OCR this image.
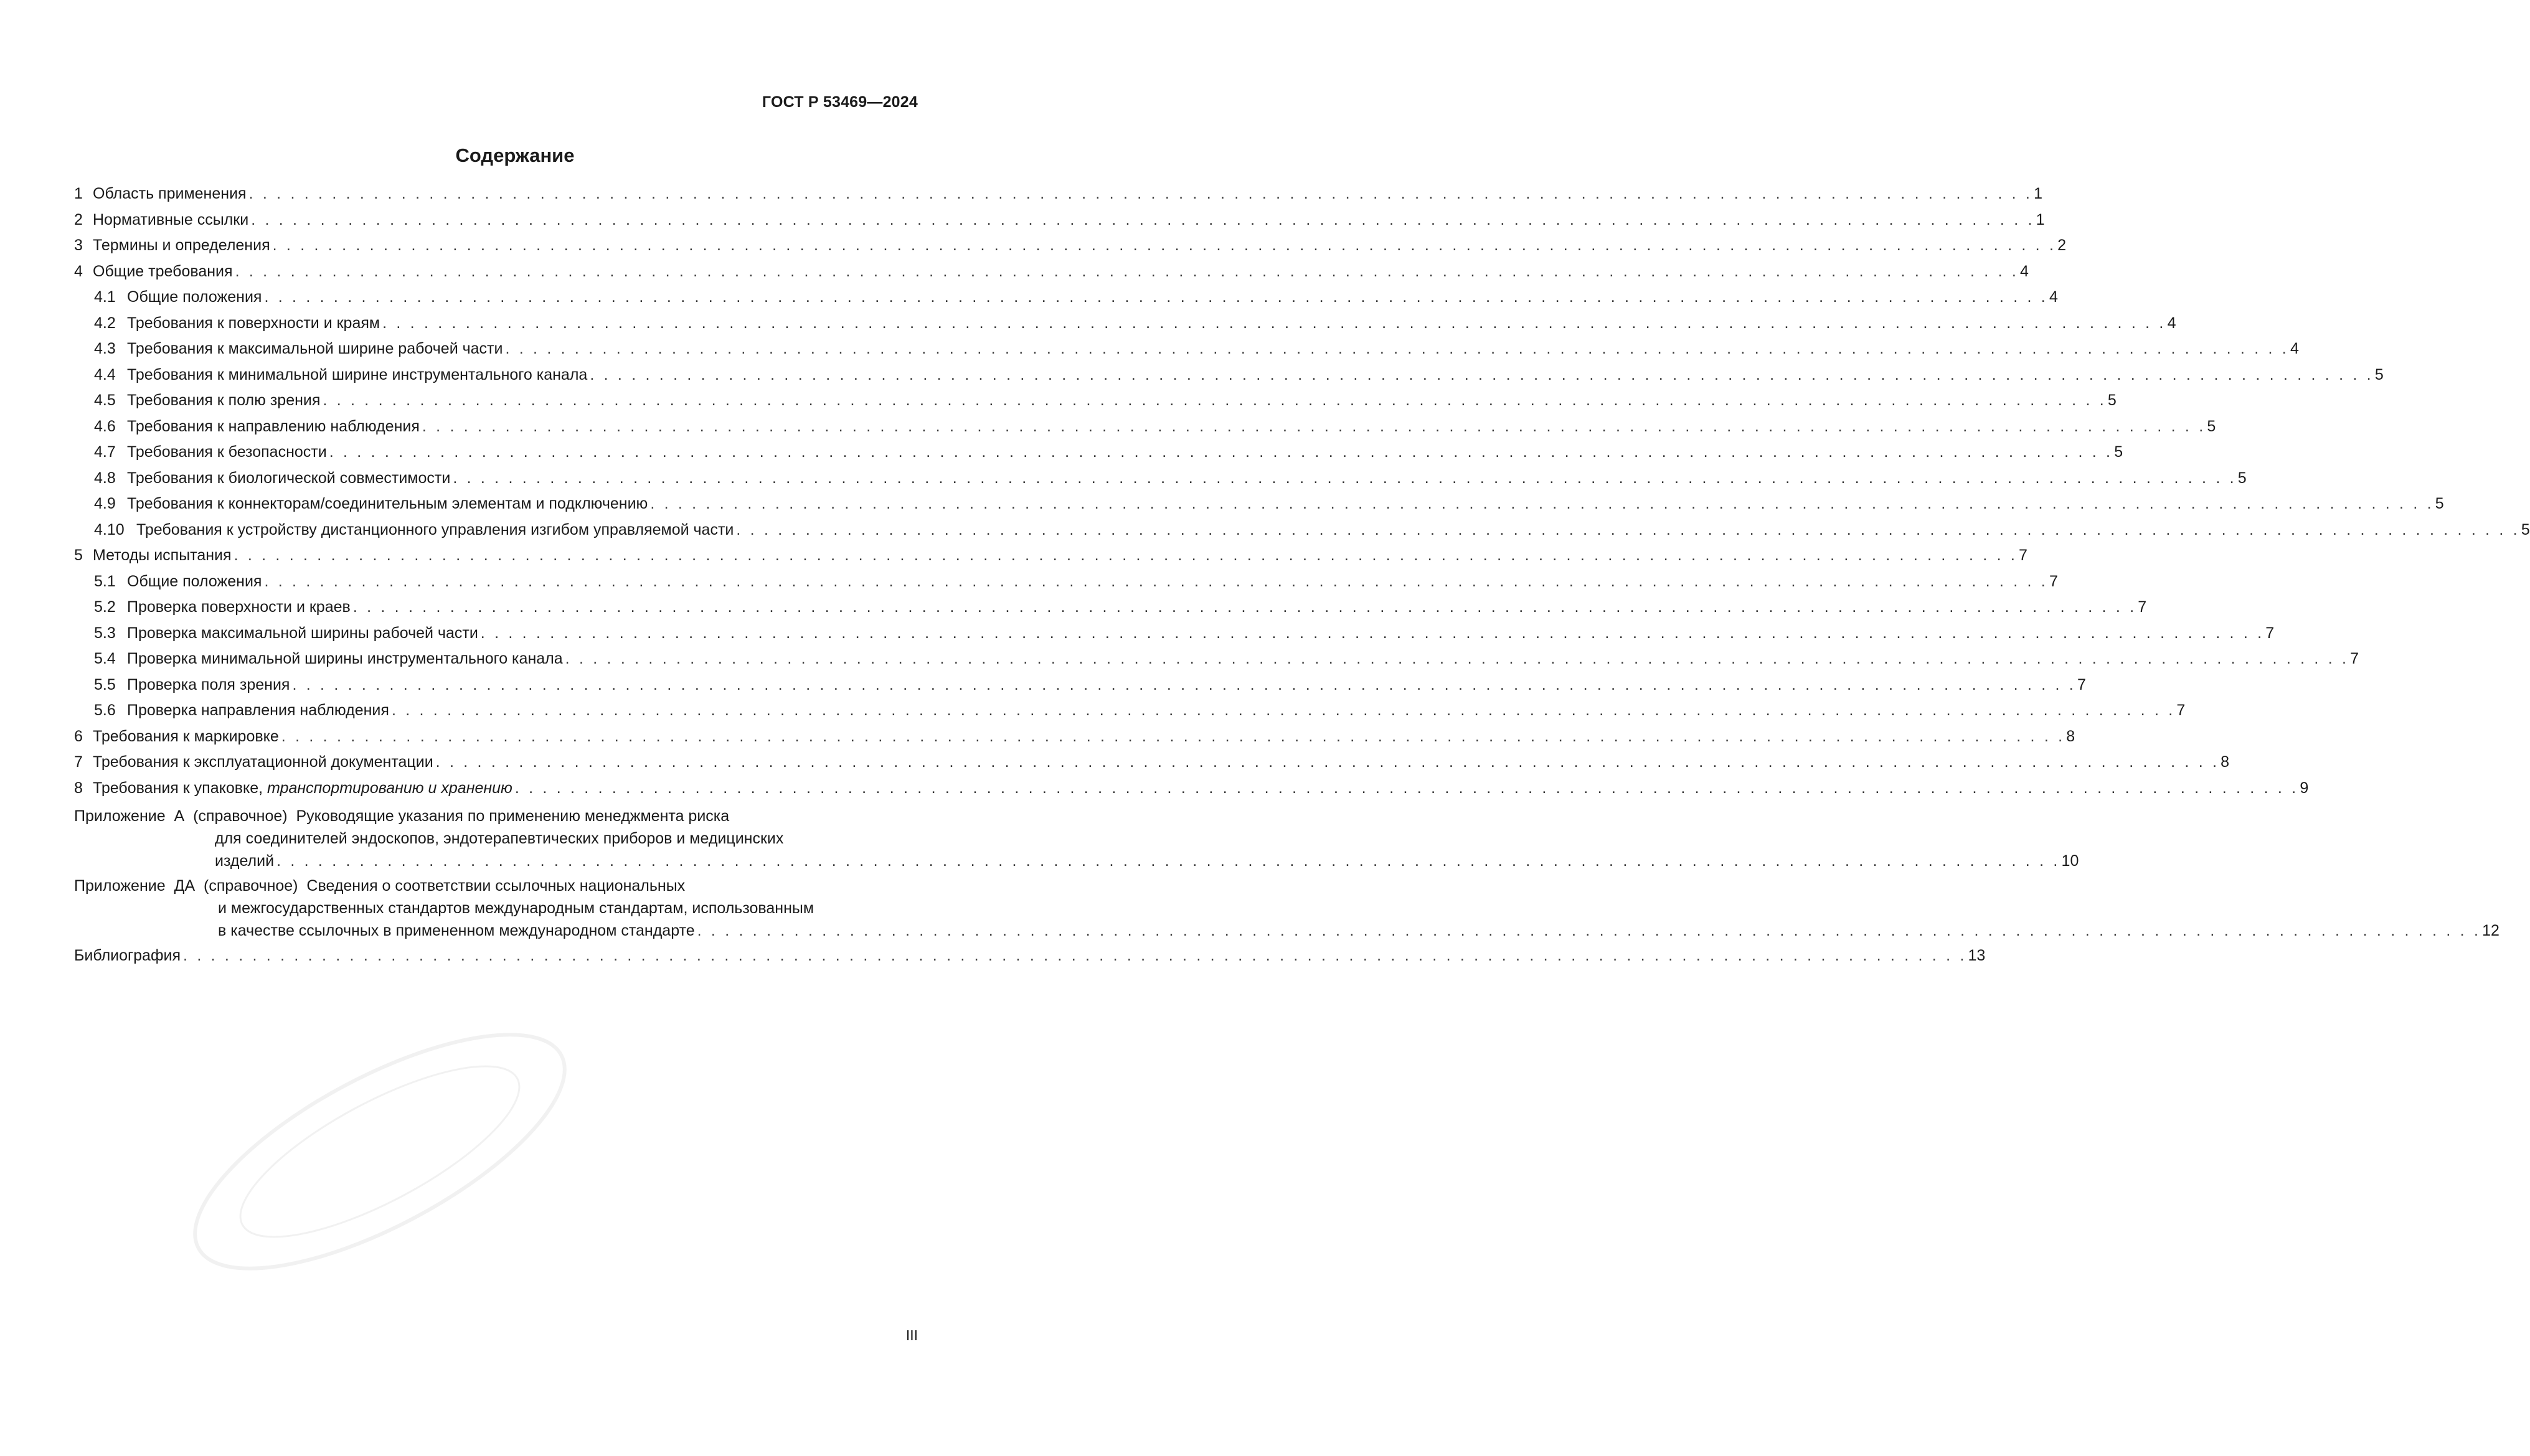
ГОСТ Р 53469—2024
Содержание
1 Область применения . . .	1
2 Нормативные ссылки . . .	1
3 Термины и определения . . .	2
4 Общие требования . . .	4
4.1 Общие положения . . .	4
4.2 Требования к поверхности и краям . . .	4
4.3 Требования к максимальной ширине рабочей части . . .	4
4.4 Требования к минимальной ширине инструментального канала . . .	5
4.5 Требования к полю зрения . . .	5
4.6 Требования к направлению наблюдения . . .	5
4.7 Требования к безопасности . . .	5
4.8 Требования к биологической совместимости . . .	5
4.9 Требования к коннекторам/соединительным элементам и подключению . . .	5
4.10 Требования к устройству дистанционного управления изгибом управляемой части . . .	5
5 Методы испытания . . .	7
5.1 Общие положения . . .	7
5.2 Проверка поверхности и краев . . .	7
5.3 Проверка максимальной ширины рабочей части . . .	7
5.4 Проверка минимальной ширины инструментального канала . . .	7
5.5 Проверка поля зрения . . .	7
5.6 Проверка направления наблюдения . . .	7
6 Требования к маркировке . . .	8
7 Требования к эксплуатационной документации . . .	8
8 Требования к упаковке, транспортированию и хранению . . .	9
Приложение  А  (справочное) Руководящие указания по применению менеджмента риска
для соединителей эндоскопов, эндотерапевтических приборов и медицинских
изделий . . .	10
Приложение  ДА  (справочное) Сведения о соответствии ссылочных национальных
и межгосударственных стандартов международным стандартам, использованным
в качестве ссылочных в примененном международном стандарте . . .	12
Библиография . . .	13
III
